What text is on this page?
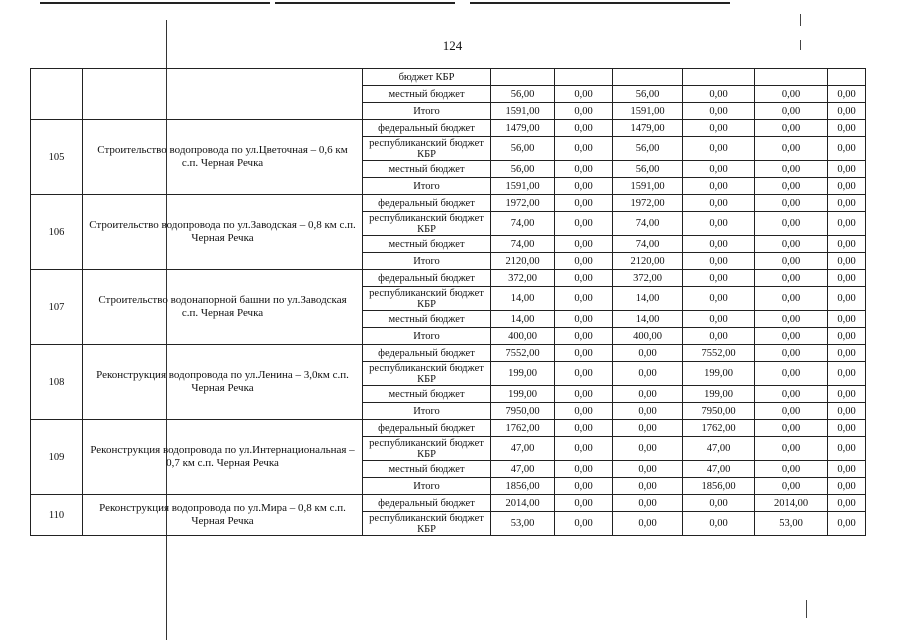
124
		бюджет КБР						
		местный бюджет	56,00	0,00	56,00	0,00	0,00	0,00
		Итого	1591,00	0,00	1591,00	0,00	0,00	0,00
105	Строительство водопровода по ул.Цветочная – 0,6 км с.п. Черная Речка	федеральный бюджет	1479,00	0,00	1479,00	0,00	0,00	0,00
		республиканский бюджет КБР	56,00	0,00	56,00	0,00	0,00	0,00
		местный бюджет	56,00	0,00	56,00	0,00	0,00	0,00
		Итого	1591,00	0,00	1591,00	0,00	0,00	0,00
106	Строительство водопровода по ул.Заводская – 0,8 км с.п. Черная Речка	федеральный бюджет	1972,00	0,00	1972,00	0,00	0,00	0,00
		республиканский бюджет КБР	74,00	0,00	74,00	0,00	0,00	0,00
		местный бюджет	74,00	0,00	74,00	0,00	0,00	0,00
		Итого	2120,00	0,00	2120,00	0,00	0,00	0,00
107	Строительство водонапорной башни по ул.Заводская с.п. Черная Речка	федеральный бюджет	372,00	0,00	372,00	0,00	0,00	0,00
		республиканский бюджет КБР	14,00	0,00	14,00	0,00	0,00	0,00
		местный бюджет	14,00	0,00	14,00	0,00	0,00	0,00
		Итого	400,00	0,00	400,00	0,00	0,00	0,00
108	Реконструкция водопровода по ул.Ленина – 3,0км с.п. Черная Речка	федеральный бюджет	7552,00	0,00	0,00	7552,00	0,00	0,00
		республиканский бюджет КБР	199,00	0,00	0,00	199,00	0,00	0,00
		местный бюджет	199,00	0,00	0,00	199,00	0,00	0,00
		Итого	7950,00	0,00	0,00	7950,00	0,00	0,00
109	Реконструкция водопровода по ул.Интернациональная – 0,7 км с.п. Черная Речка	федеральный бюджет	1762,00	0,00	0,00	1762,00	0,00	0,00
		республиканский бюджет КБР	47,00	0,00	0,00	47,00	0,00	0,00
		местный бюджет	47,00	0,00	0,00	47,00	0,00	0,00
		Итого	1856,00	0,00	0,00	1856,00	0,00	0,00
110	Реконструкция водопровода по ул.Мира – 0,8 км с.п. Черная Речка	федеральный бюджет	2014,00	0,00	0,00	0,00	2014,00	0,00
		республиканский бюджет КБР	53,00	0,00	0,00	0,00	53,00	0,00
